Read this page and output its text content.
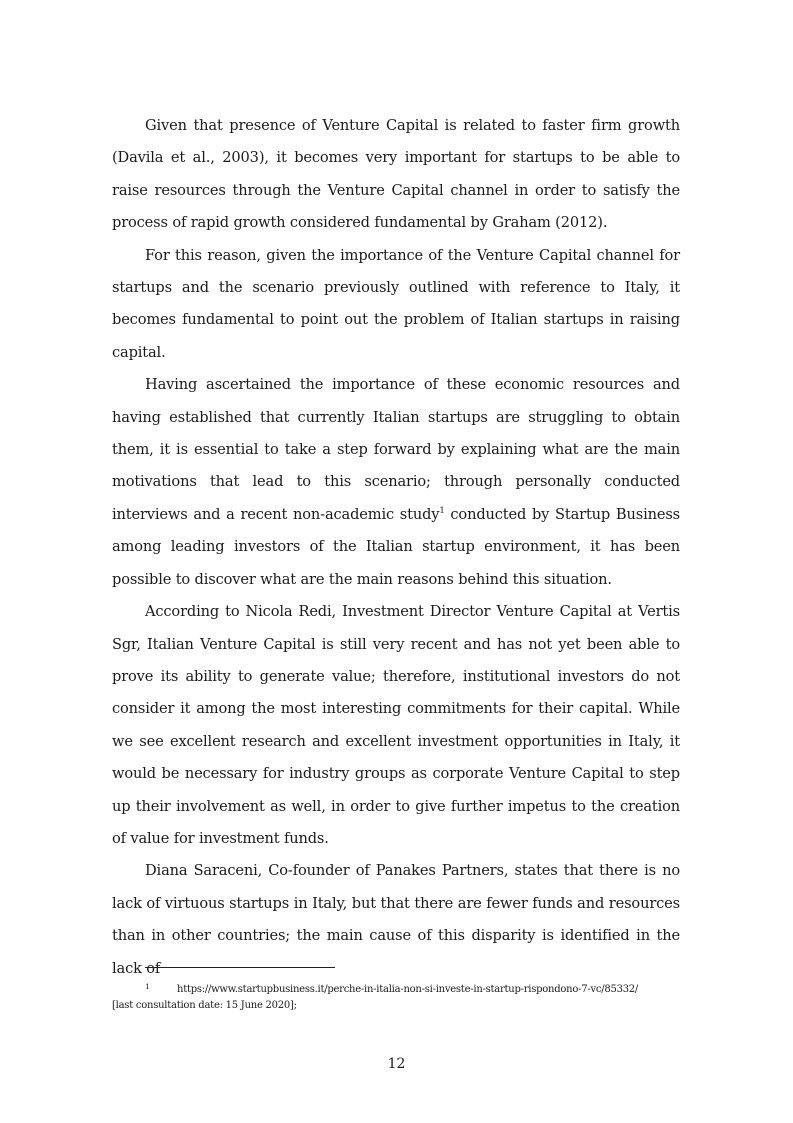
Given that presence of Venture Capital is related to faster firm growth (Davila et al., 2003), it becomes very important for startups to be able to raise resources through the Venture Capital channel in order to satisfy the process of rapid growth considered fundamental by Graham (2012).

For this reason, given the importance of the Venture Capital channel for startups and the scenario previously outlined with reference to Italy, it becomes fundamental to point out the problem of Italian startups in raising capital.

Having ascertained the importance of these economic resources and having established that currently Italian startups are struggling to obtain them, it is essential to take a step forward by explaining what are the main motivations that lead to this scenario; through personally conducted interviews and a recent non-academic study$^1$ conducted by Startup Business among leading investors of the Italian startup environment, it has been possible to discover what are the main reasons behind this situation.

According to Nicola Redi, Investment Director Venture Capital at Vertis Sgr, Italian Venture Capital is still very recent and has not yet been able to prove its ability to generate value; therefore, institutional investors do not consider it among the most interesting commitments for their capital. While we see excellent research and excellent investment opportunities in Italy, it would be necessary for industry groups as corporate Venture Capital to step up their involvement as well, in order to give further impetus to the creation of value for investment funds.

Diana Saraceni, Co-founder of Panakes Partners, states that there is no lack of virtuous startups in Italy, but that there are fewer funds and resources than in other countries; the main cause of this disparity is identified in the lack of

1	https://www.startupbusiness.it/perche-in-italia-non-si-investe-in-startup-rispondono-7-vc/85332/[last consultation date: 15 June 2020];

12
